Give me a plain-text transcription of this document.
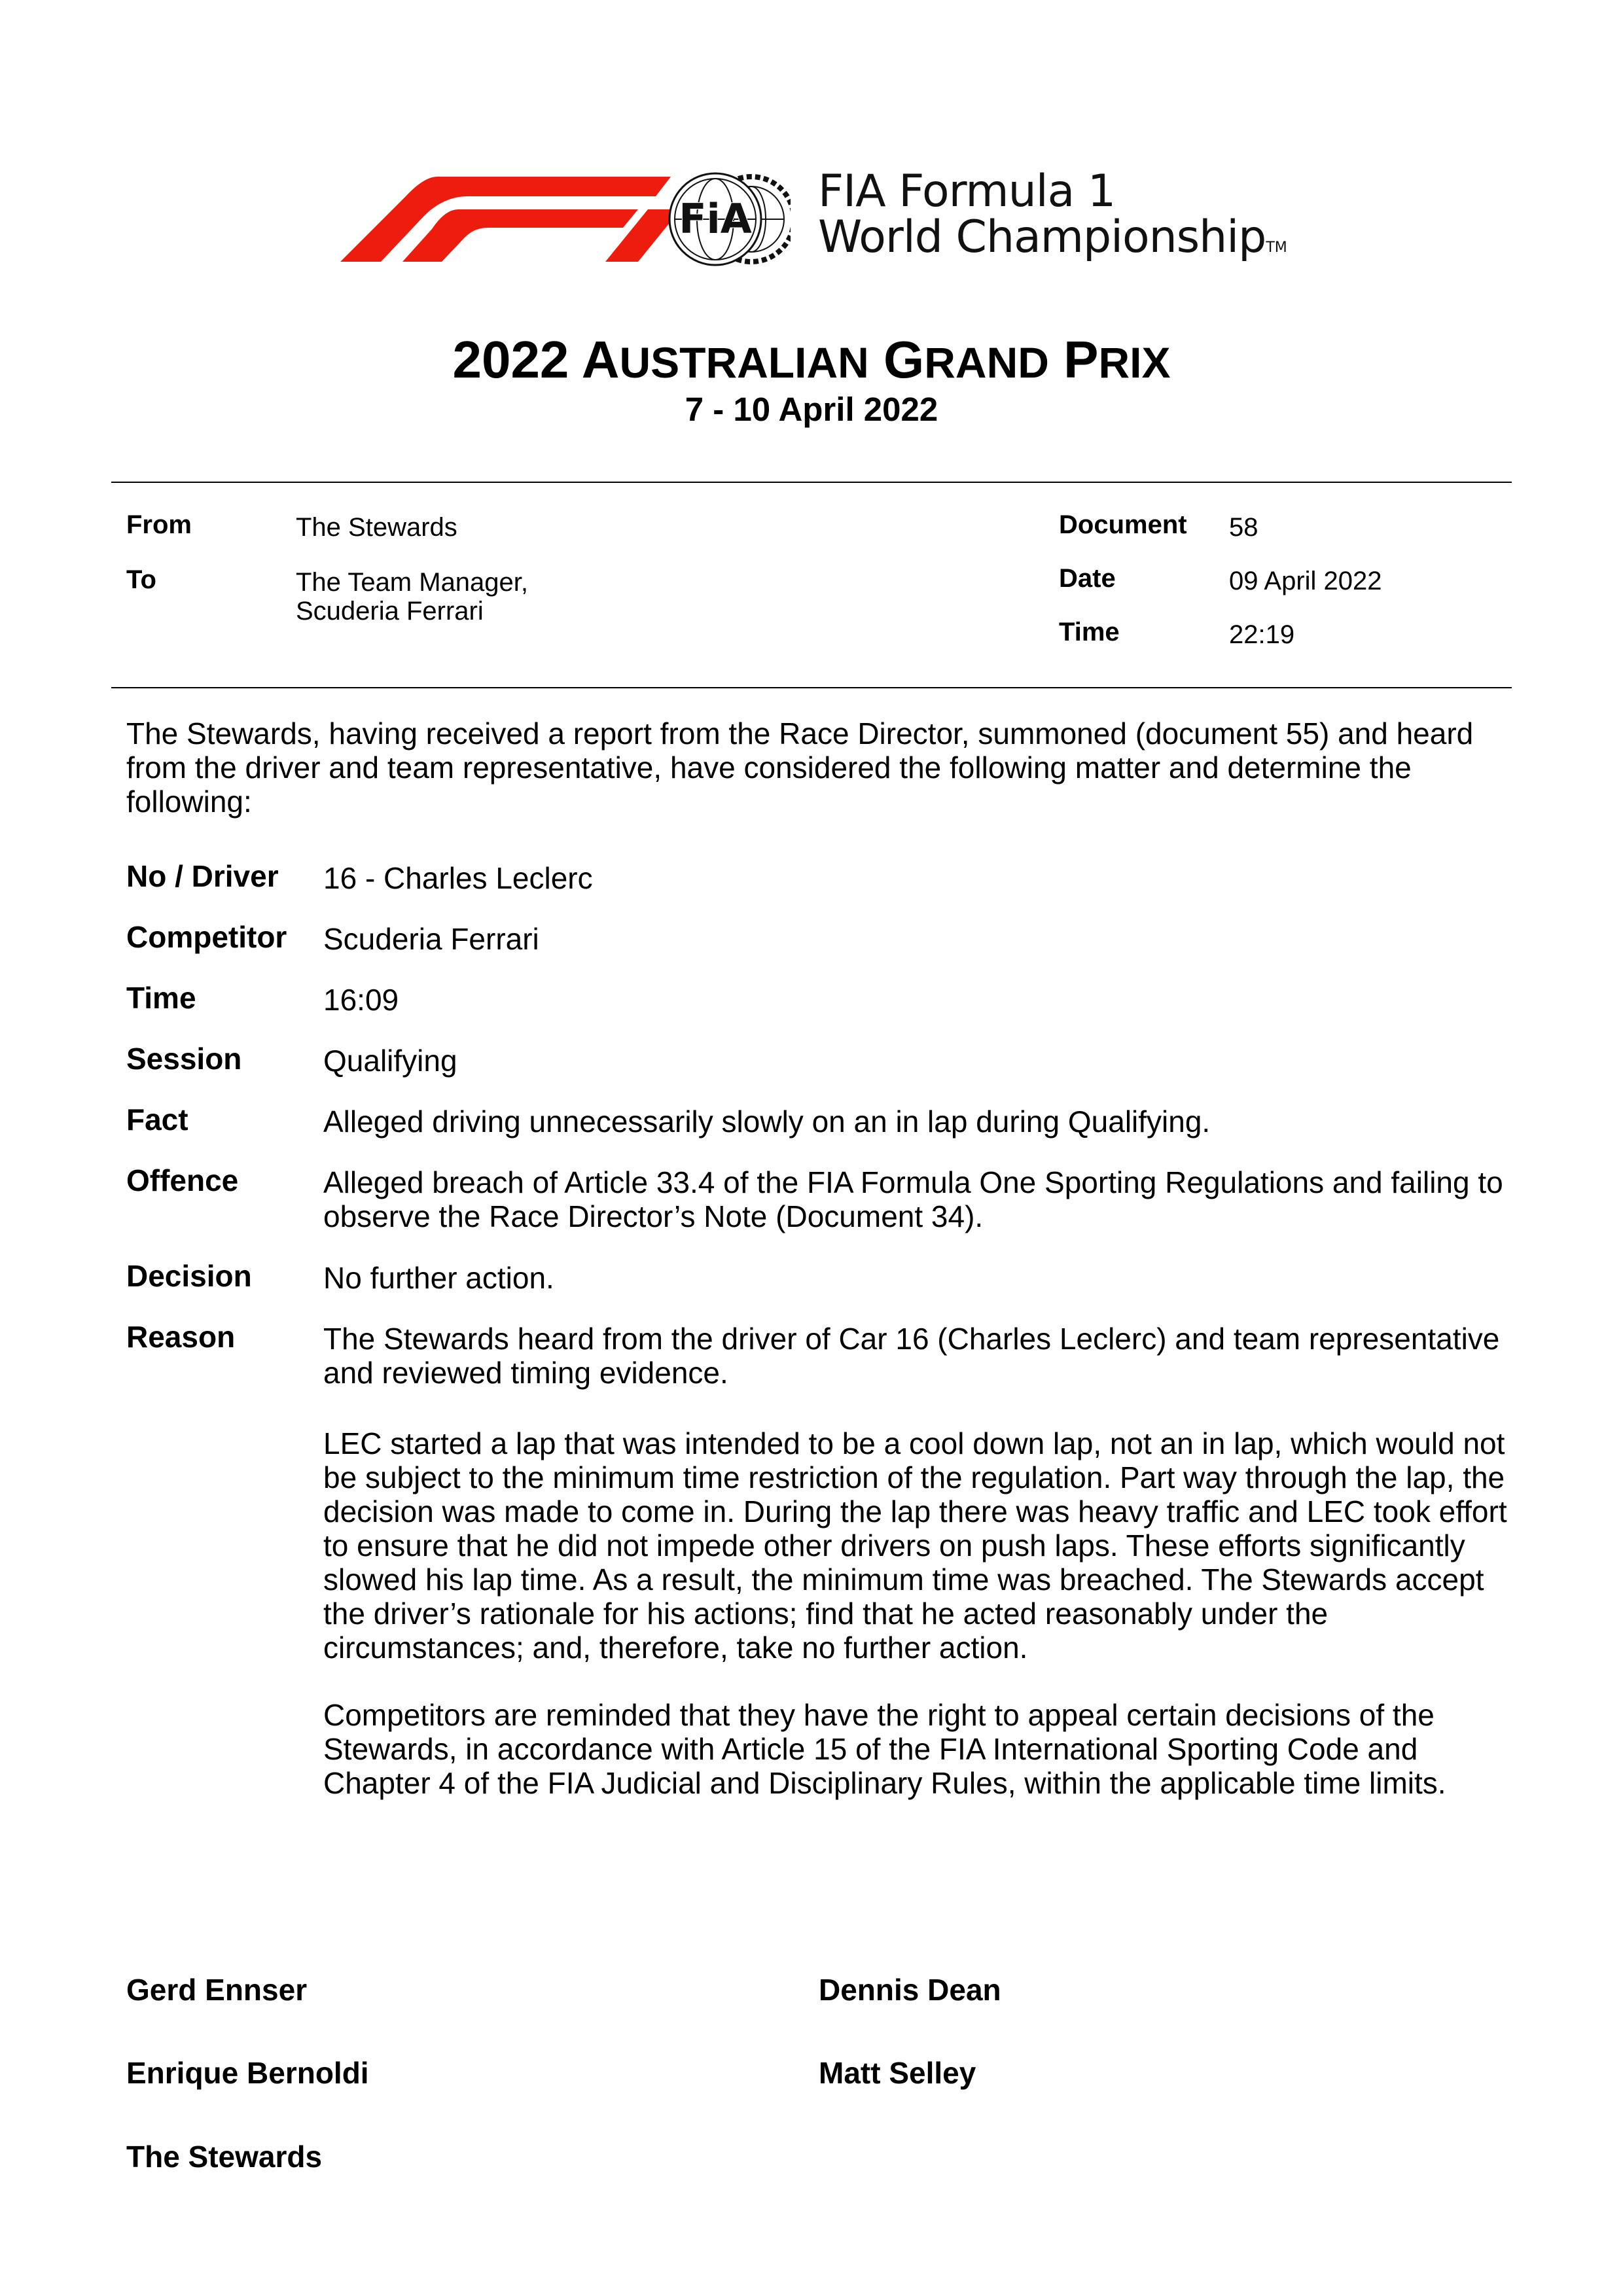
FiA
FIA Formula 1
World ChampionshipTM
2022 AUSTRALIAN GRAND PRIX
7 - 10 April 2022
From	The Stewards
To	The Team Manager,
Scuderia Ferrari
Document 58
Date	09 April 2022
Time	22:19
The Stewards, having received a report from the Race Director, summoned (document 55) and heard from the driver and team representative, have considered the following matter and determine the following:
No / Driver 16 - Charles Leclerc
Competitor Scuderia Ferrari
Time	16:09
Session	Qualifying
Fact	Alleged driving unnecessarily slowly on an in lap during Qualifying.
Offence	Alleged breach of Article 33.4 of the FIA Formula One Sporting Regulations and failing to observe the Race Director’s Note (Document 34).
Decision No further action.
Reason	The Stewards heard from the driver of Car 16 (Charles Leclerc) and team representative and reviewed timing evidence.
LEC started a lap that was intended to be a cool down lap, not an in lap, which would not be subject to the minimum time restriction of the regulation. Part way through the lap, the decision was made to come in. During the lap there was heavy traffic and LEC took effort to ensure that he did not impede other drivers on push laps. These efforts significantly slowed his lap time. As a result, the minimum time was breached. The Stewards accept the driver’s rationale for his actions; find that he acted reasonably under the circumstances; and, therefore, take no further action.
Competitors are reminded that they have the right to appeal certain decisions of the Stewards, in accordance with Article 15 of the FIA International Sporting Code and Chapter 4 of the FIA Judicial and Disciplinary Rules, within the applicable time limits.
Gerd Ennser	Dennis Dean
Enrique Bernoldi	Matt Selley
The Stewards
